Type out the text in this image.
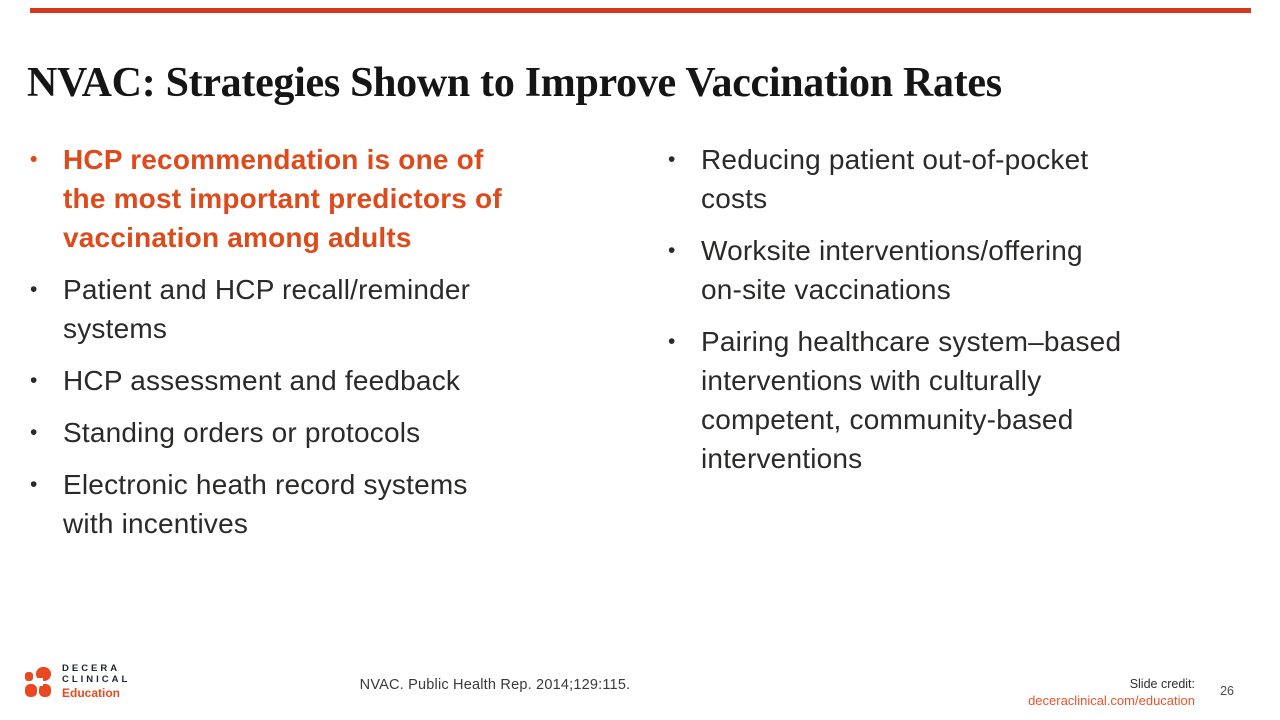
NVAC: Strategies Shown to Improve Vaccination Rates
•
HCP recommendation is one of
the most important predictors of
vaccination among adults
•
Patient and HCP recall/reminder
systems
•
HCP assessment and feedback
•
Standing orders or protocols
•
Electronic heath record systems
with incentives
•
Reducing patient out-of-pocket
costs
•
Worksite interventions/offering
on-site vaccinations
•
Pairing healthcare system–based
interventions with culturally
competent, community-based
interventions
DECERA
CLINICAL
Education	NVAC. Public Health Rep. 2014;129:115.	Slide credit:
deceraclinical.com/education
26
